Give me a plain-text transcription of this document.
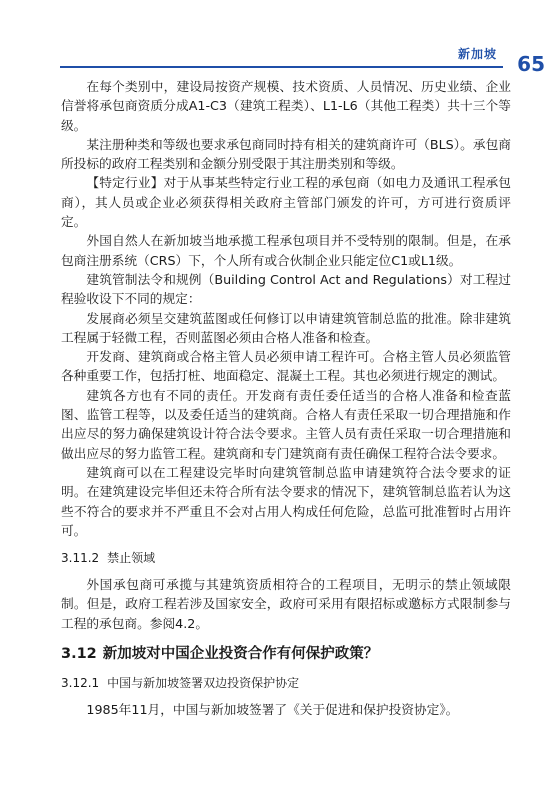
新加坡 65

在每个类别中，建设局按资产规模、技术资质、人员情况、历史业绩、企业信誉将承包商资质分成A1-C3（建筑工程类）、L1-L6（其他工程类）共十三个等级。

某注册种类和等级也要求承包商同时持有相关的建筑商许可（BLS）。承包商所投标的政府工程类别和金额分别受限于其注册类别和等级。

【特定行业】对于从事某些特定行业工程的承包商（如电力及通讯工程承包商），其人员或企业必须获得相关政府主管部门颁发的许可，方可进行资质评定。

外国自然人在新加坡当地承揽工程承包项目并不受特别的限制。但是，在承包商注册系统（CRS）下，个人所有或合伙制企业只能定位C1或L1级。

建筑管制法令和规例（Building Control Act and Regulations）对工程过程验收设下不同的规定：

发展商必须呈交建筑蓝图或任何修订以申请建筑管制总监的批准。除非建筑工程属于轻微工程，否则蓝图必须由合格人准备和检查。

开发商、建筑商或合格主管人员必须申请工程许可。合格主管人员必须监管各种重要工作，包括打桩、地面稳定、混凝土工程。其也必须进行规定的测试。

建筑各方也有不同的责任。开发商有责任委任适当的合格人准备和检查蓝图、监管工程等，以及委任适当的建筑商。合格人有责任采取一切合理措施和作出应尽的努力确保建筑设计符合法令要求。主管人员有责任采取一切合理措施和做出应尽的努力监管工程。建筑商和专门建筑商有责任确保工程符合法令要求。

建筑商可以在工程建设完毕时向建筑管制总监申请建筑符合法令要求的证明。在建筑建设完毕但还未符合所有法令要求的情况下，建筑管制总监若认为这些不符合的要求并不严重且不会对占用人构成任何危险，总监可批准暂时占用许可。

3.11.2 禁止领域

外国承包商可承揽与其建筑资质相符合的工程项目，无明示的禁止领域限制。但是，政府工程若涉及国家安全，政府可采用有限招标或邀标方式限制参与工程的承包商。参阅4.2。

3.12 新加坡对中国企业投资合作有何保护政策？
3.12.1 中国与新加坡签署双边投资保护协定

1985年11月，中国与新加坡签署了《关于促进和保护投资协定》。
